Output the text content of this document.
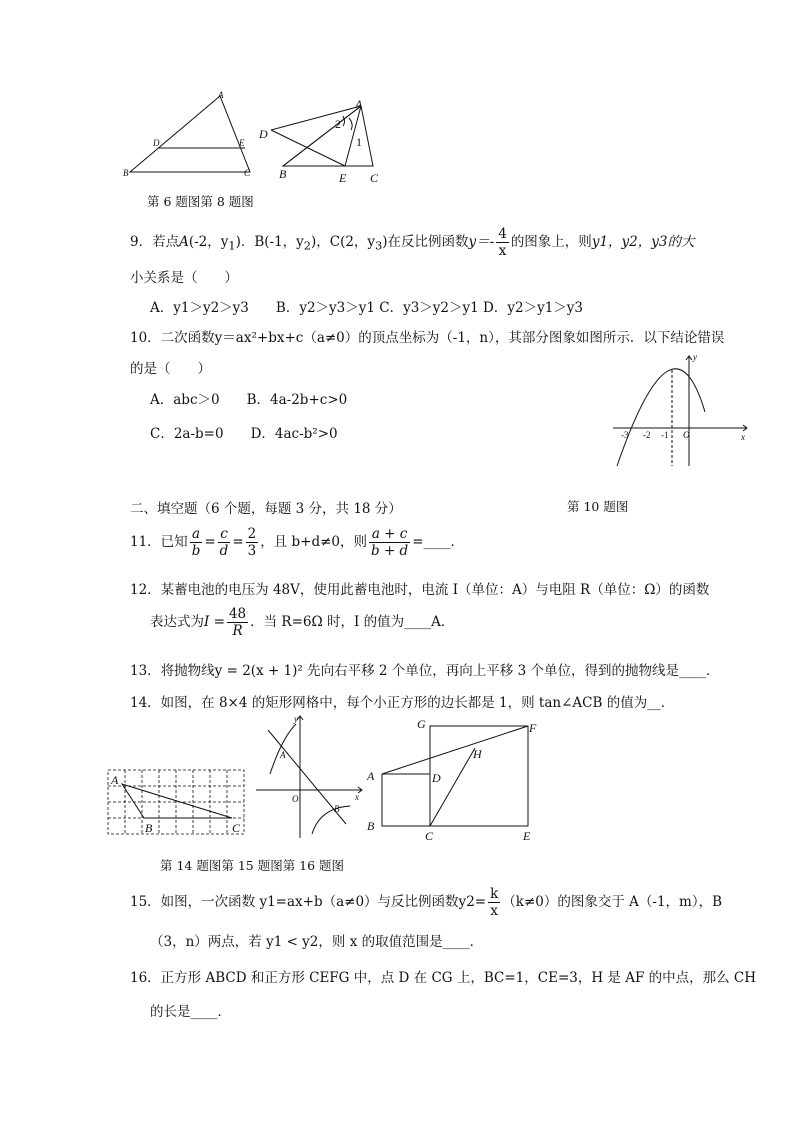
A
D	E
B	C
A
D
B	E C
1
2
第 6 题图第 8 题图
9．若点A(-2，$y_1$)．B(-1，$y_2$)，C(2，$y_3$)在反比例函数$y=- \frac{4}{x}$ 的图象上，则y1，y2，y3的大
小关系是（　　）
A．y1＞y2＞y3　　B．y2＞y3＞y1 C．y3＞y2＞y1 D．y2＞y1＞y3
10．二次函数y＝ax²+bx+c（a≠0）的顶点坐标为（-1，n），其部分图象如图所示．以下结论错误
的是（　　）
A．abc＞0　　B．4a-2b+c>0
C．2a-b=0　　D．4ac-b²>0
y
x
-3 -2 -1 O
二、填空题（6 个题，每题 3 分，共 18 分）	第 10 题图
11．已知 $\frac{a}{b} = \frac{c}{d} = \frac{2}{3}$ ，且 b+d≠0，则 $\frac{a + c}{b + d}$ =____．
12．某蓄电池的电压为 48V，使用此蓄电池时，电流 I（单位：A）与电阻 R（单位：Ω）的函数
表达式为$I = \frac{48}{R}$ ．当 R=6Ω 时，I 的值为____A．
13．将抛物线y = 2(x + 1)² 先向右平移 2 个单位，再向上平移 3 个单位，得到的抛物线是____．
14．如图，在 8×4 的矩形网格中，每个小正方形的边长都是 1，则 tan∠ACB 的值为__．
A
B	C
y
x
A
B
O
G	F
H
A	D
B
C	E
第 14 题图第 15 题图第 16 题图
15．如图，一次函数 y1=ax+b（a≠0）与反比例函数$y2= \frac{k}{x} (k\ne 0)$的图象交于 A（-1，m），B
（3，n）两点，若 y1 < y2，则 x 的取值范围是____．
16．正方形 ABCD 和正方形 CEFG 中，点 D 在 CG 上，BC=1，CE=3，H 是 AF 的中点，那么 CH
的长是____．
